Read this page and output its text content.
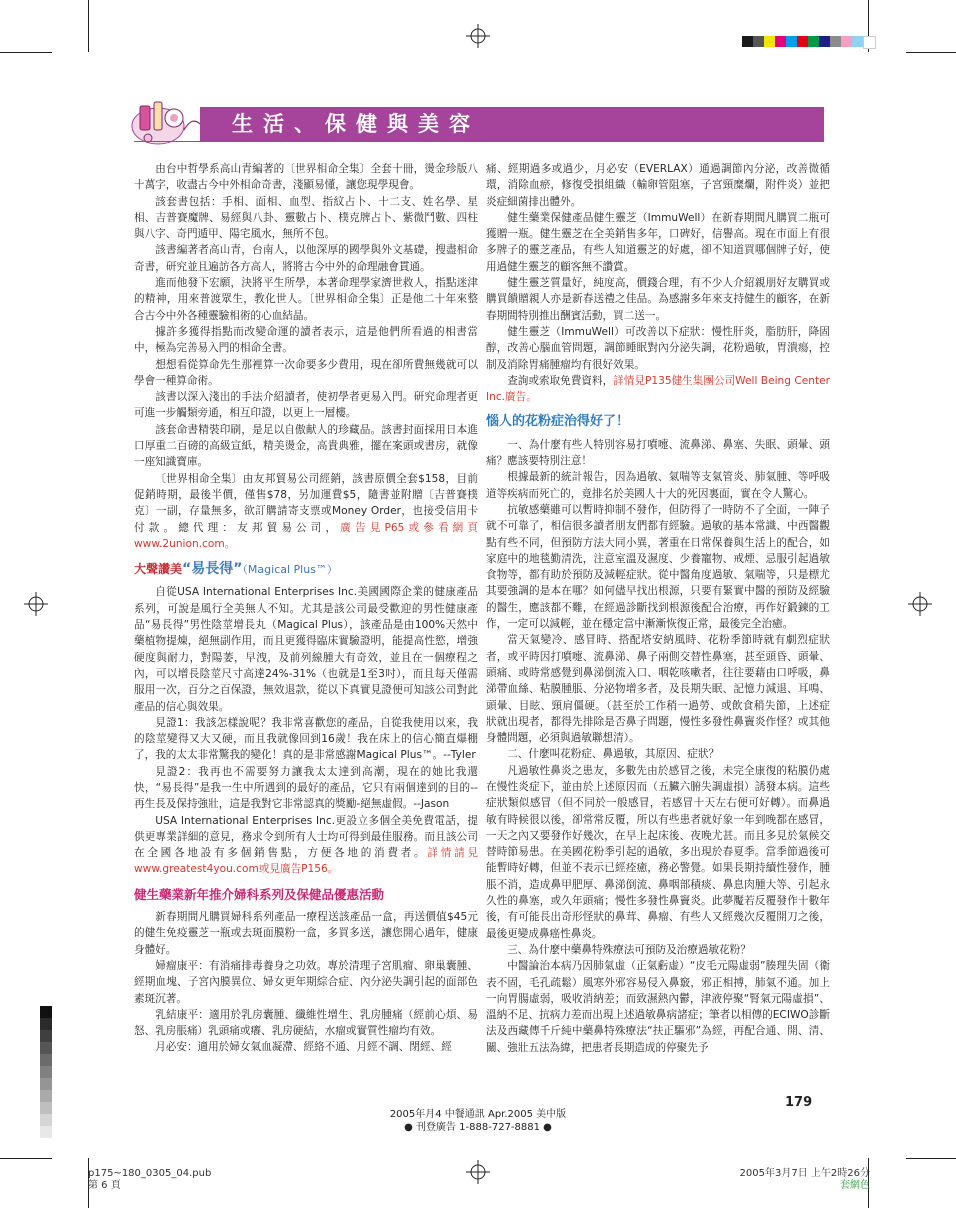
生活、保健與美容

由台中哲學系高山青編著的〔世界相命全集〕全套十冊，燙金珍版八十萬字，收盡古今中外相命奇書，淺顯易懂，讓您現學現會。

該套書包括：手相、面相、血型、指紋占卜、十二支、姓名學、星相、吉普賽魔牌、易經與八卦、靈數占卜、樸克牌占卜、紫微鬥數、四柱與八字、奇門遁甲、陽宅風水，無所不包。

該書編著者高山青，台南人，以他深厚的國學與外文基礎，搜盡相命奇書，研究並且遍訪各方高人，將將古今中外的命理融會貫通。

進而他發下宏願，決將平生所學，本著命理學家濟世救人，指點迷津的精神，用來普渡眾生，教化世人。〔世界相命全集〕正是他二十年來整合古今中外各種靈驗相術的心血結晶。

據許多獲得指點而改變命運的讀者表示，這是他們所看過的相書當中，極為完善易入門的相命全書。

想想看從算命先生那裡算一次命要多少費用，現在卻所費無幾就可以學會一種算命術。

該書以深入淺出的手法介紹讀者，使初學者更易入門。研究命理者更可進一步觸類旁通，相互印證，以更上一層樓。

該套命書精裝印刷，是足以自傲献人的珍藏品。該書封面採用日本進口厚重二百磅的高級宣紙，精美燙金，高貴典雅，擺在案頭或書房，就像一座知識寶庫。

〔世界相命全集〕由友邦貿易公司經銷，該書原價全套$158，目前促銷時期，最後半價，僅售$78，另加運費$5，隨書並附贈〔吉普賽樸克〕一副，存量無多，欲訂購請寄支票或Money Order，也接受信用卡付款。總代理：友邦貿易公司，廣告見P65或參看網頁www.2union.com。

大聲讚美“易長得”（Magical Plus™）

自從USA International Enterprises Inc.美國國際企業的健康產品系列，可說是風行全美無人不知。尤其是該公司最受歡迎的男性健康產品“易長得”男性陰莖增長丸（Magical Plus），該產品是由100%天然中藥植物提煉，絕無副作用，而且更獲得臨床實驗證明，能提高性慾，增強硬度與耐力，對陽萎，早洩，及前列線腫大有奇效，並且在一個療程之內，可以增長陰莖尺寸高達24%-31%（也就是1至3吋），而且每天僅需服用一次，百分之百保證，無效退款，從以下真實見證便可知該公司對此產品的信心與效果。

見證1：我該怎樣說呢？我非常喜歡您的產品，自從我使用以來，我的陰莖變得又大又硬，而且我就像回到16歲！我在床上的信心簡直爆棚了，我的太太非常驚我的變化！真的是非常感謝Magical Plus™。--Tyler

見證2：我再也不需要努力讓我太太達到高潮，現在的她比我還快，“易長得”是我一生中所遇到的最好的產品，它只有兩個達到的目的--再生長及保持強壯，這是我對它非常認真的獎勵-絕無虛假。--Jason

USA International Enterprises Inc.更設立多個全美免費電話，提供更專業詳細的意見，務求令到所有人士均可得到最佳服務。而且該公司在全國各地設有多個銷售點，方便各地的消費者。詳情請見www.greatest4you.com或見廣告P156。

健生藥業新年推介婦科系列及保健品優惠活動

新春期間凡購買婦科系列產品一療程送該產品一盒，再送價值$45元的健生免疫靈芝一瓶或去斑面膜粉一盒，多買多送，讓您開心過年，健康身體好。

婦瘤康平：有消痛排毒養身之功效。專於清理子宮肌瘤、卵巢囊腫、經期血塊、子宮內膜異位、婦女更年期綜合症、內分泌失調引起的面部色素斑沉著。

乳結康平：適用於乳房囊腫、纖維性增生、乳房腫痛（經前心煩、易怒、乳房脹痛）乳頭痛或癢、乳房硬結，水瘤或實質性瘤均有效。

月必安：適用於婦女氣血凝滯、經絡不通、月經不調、閉經、經

痛、經期過多或過少，月必安（EVERLAX）通過調節內分泌，改善微循環，消除血瘀，修復受損組織（輸卵管阻塞，子宮頸糜爛，附件炎）並把炎症細菌排出體外。

健生藥業保健產品健生靈芝（ImmuWell）在新春期間凡購買二瓶可獲贈一瓶。健生靈芝在全美銷售多年，口碑好，信譽高。現在市面上有很多牌子的靈芝產品，有些人知道靈芝的好處，卻不知道買哪個牌子好，使用過健生靈芝的顧客無不讚賞。

健生靈芝質量好，純度高，價錢合理，有不少人介紹親朋好友購買或購買饋贈親人亦是新春送禮之佳品。為感謝多年來支持健生的顧客，在新春期間特別推出酬賓活動，買二送一。

健生靈芝（ImmuWell）可改善以下症狀：慢性肝炎，脂肪肝，降固醇，改善心腦血管問題，調節睡眠對內分泌失調，花粉過敏，胃潰瘍，控制及消除胃痛腫瘤均有很好效果。

查詢或索取免費資料，詳情見P135健生集團公司Well Being Center Inc.廣告。

惱人的花粉症治得好了！

一、為什麼有些人特別容易打噴嚏、流鼻涕、鼻塞、失眠、頭暈、頭痛？應該要特別注意！

根據最新的統計報告，因為過敏、氣喘等支氣管炎、肺氣腫、等呼吸道等疾病而死亡的，竟排名於美國人十大的死因裏面，實在令人驚心。

抗敏感藥雖可以暫時抑制不發作，但防得了一時防不了全面，一陣子就不可靠了，相信很多讀者朋友們都有經驗。過敏的基本常識、中西醫觀點有些不同，但預防方法大同小異，著重在日常保養與生活上的配合，如家庭中的地毯勤清洗，注意室溫及濕度、少養寵物、戒煙、忌服引起過敏食物等，都有助於預防及減輕症狀。從中醫角度過敏、氣喘等，只是標尤其要強調的是本在哪？如何儘早找出根源，只要有緊實中醫的預防及經驗的醫生，應該都不難，在經過診斷找到根源後配合治療，再作好鍛鍊的工作，一定可以減輕，並在穩定當中漸漸恢復正常，最後完全治癒。

當天氣變冷、感冒時、搭配塔安納風時、花粉季節時就有劇烈症狀者，或平時因打噴嚏、流鼻涕、鼻子兩側交替性鼻塞，甚至頭昏、頭暈、頭痛、或時常感覺到鼻涕倒流入口、咽乾咳嗽者，往往要藉由口呼吸，鼻涕帶血絲、粘膜腫脹、分泌物增多者，及長期失眠、記憶力減退、耳鳴、頭暈、目眩、頸肩僵硬。（甚至於工作稍一過勞、或飲食稍失節，上述症狀就出現者，都得先排除是否鼻子問題，慢性多發性鼻竇炎作怪？或其他身體問題，必須與過敏聯想清）。

二、什麼叫花粉症、鼻過敏，其原因、症狀？

凡過敏性鼻炎之患友，多數先由於感冒之後，未完全康復的粘膜仍處在慢性炎症下，並由於上述原因而（五臟六腑失調虛損）誘發本病。這些症狀類似感冒（但不同於一般感冒，若感冒十天左右便可好轉）。而鼻過敏有時候很以後，卻常常反覆，所以有些患者就好象一年到晚都在感冒，一天之內又要發作好幾次，在早上起床後、夜晚尤甚。而且多見於氣候交替時節易患。在美國花粉季引起的過敏，多出現於春夏季。當季節過後可能暫時好轉，但並不表示已經痊癒，務必警覺。如果長期持續性發作，腫脹不消，造成鼻甲肥厚、鼻涕倒流、鼻咽部積痰、鼻息肉腫大等、引起永久性的鼻塞，或久年頭痛；慢性多發性鼻竇炎。此夢魘若反覆發作十數年後，有可能長出奇形怪狀的鼻茸、鼻瘤、有些人又經幾次反覆開刀之後，最後更變成鼻癌性鼻炎。

三、為什麼中藥鼻特殊療法可預防及治療過敏花粉？

中醫論治本病乃因肺氣虛（正氣虧虛）“皮毛元陽虛弱”腠理失固（衛表不固，毛孔疏鬆）風寒外邪容易侵入鼻竅，邪正相搏，肺氣不通。加上一向胃腸虛弱，吸收消納差；而致濕熱內鬱，津液停聚“腎氣元陽虛損”、溫納不足、抗病力差而出現上述過敏鼻病諸症；筆者以相傳的ECIWO診斷法及西藏傳千斤純中藥鼻特殊療法“扶正驅邪”為經，再配合通、開、清、關、強壯五法為緯，把患者長期造成的停聚先予

179
2005年月4 中餐通訊 Apr.2005 美中版
● 刊登廣告 1-888-727-8881 ●
p175~180_0305_04.pub
第 6 頁
2005年3月7日 上午2時26分
套網色
